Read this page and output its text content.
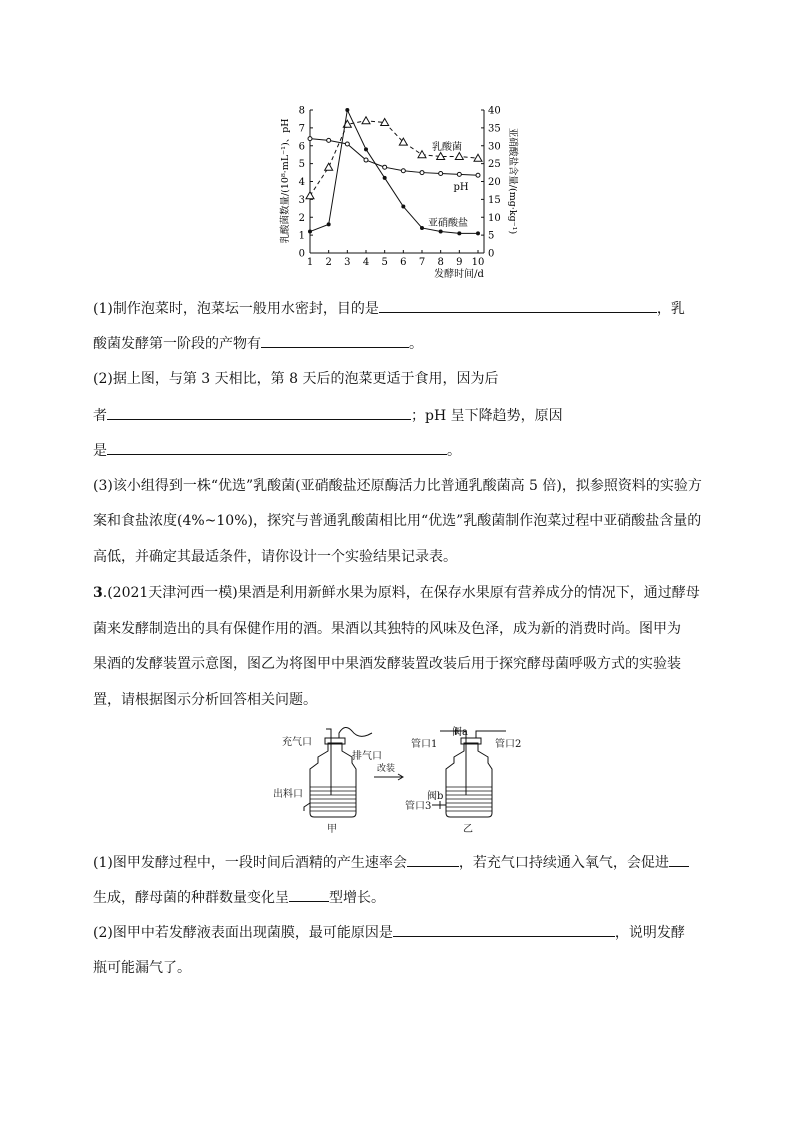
0
1
2
3
4
5
6
7
8
0
5
10
15
20
25
30
35
40
1 2 3 4 5 6 7 8 9 10
乳酸菌数量/(10⁸·mL⁻¹)、pH	亚硝酸盐含量/(mg·kg⁻¹)
发酵时间/d
乳酸菌
pH
亚硝酸盐
(1)制作泡菜时，泡菜坛一般用水密封，目的是	，乳
酸菌发酵第一阶段的产物有	。
(2)据上图，与第 3 天相比，第 8 天后的泡菜更适于食用，因为后
者	；pH 呈下降趋势，原因
是	。
(3)该小组得到一株“优选”乳酸菌(亚硝酸盐还原酶活力比普通乳酸菌高 5 倍)，拟参照资料的实验方
案和食盐浓度(4%~10%)，探究与普通乳酸菌相比用“优选”乳酸菌制作泡菜过程中亚硝酸盐含量的
高低，并确定其最适条件，请你设计一个实验结果记录表。
3.(2021天津河西一模)果酒是利用新鲜水果为原料，在保存水果原有营养成分的情况下，通过酵母
菌来发酵制造出的具有保健作用的酒。果酒以其独特的风味及色泽，成为新的消费时尚。图甲为
果酒的发酵装置示意图，图乙为将图甲中果酒发酵装置改装后用于探究酵母菌呼吸方式的实验装
置，请根据图示分析回答相关问题。
充气口
排气口
出料口
改装
甲
管口1	管口2
管口3
阀a
阀b
乙
(1)图甲发酵过程中，一段时间后酒精的产生速率会	，若充气口持续通入氧气，会促进
生成，酵母菌的种群数量变化呈	型增长。
(2)图甲中若发酵液表面出现菌膜，最可能原因是	，说明发酵
瓶可能漏气了。
